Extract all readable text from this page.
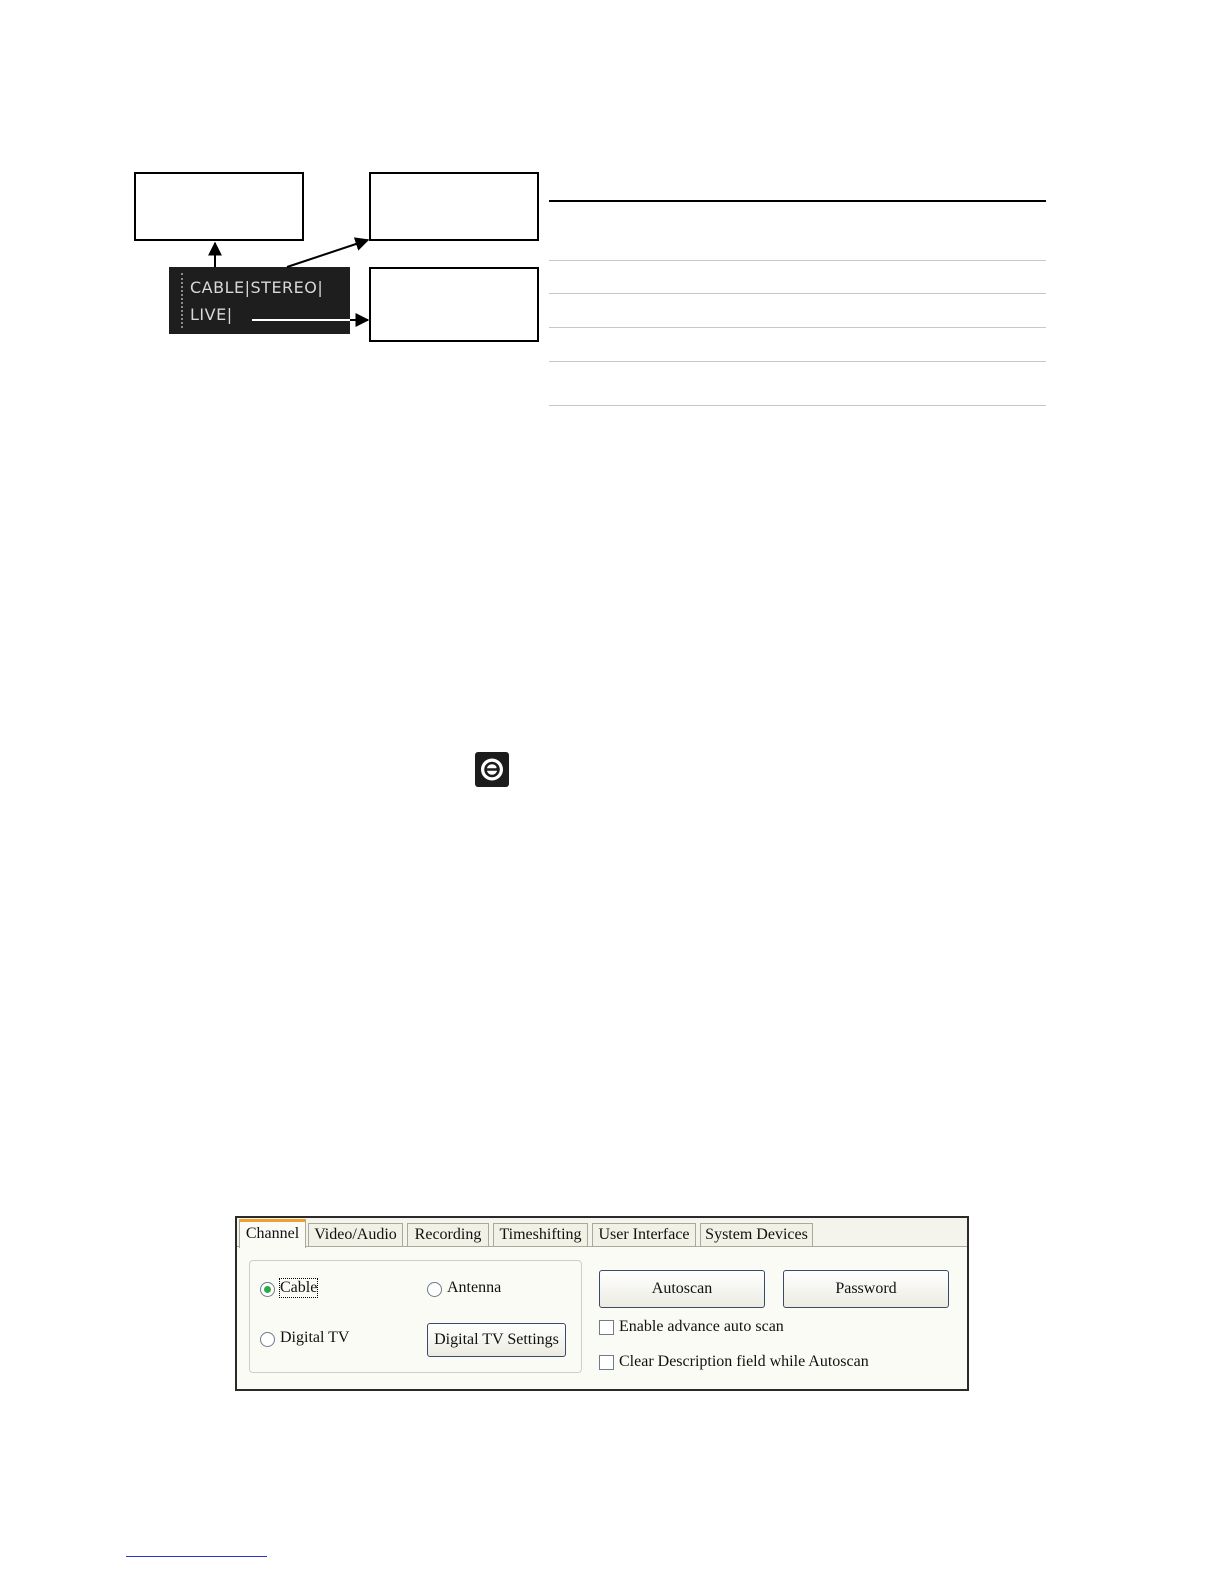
CABLE|STEREO|
LIVE|
Channel Video/Audio	Recording	Timeshifting	User Interface System Devices
Cable	Antenna
Digital TV	Digital TV Settings
Autoscan	Password
Enable advance auto scan
Clear Description field while Autoscan
